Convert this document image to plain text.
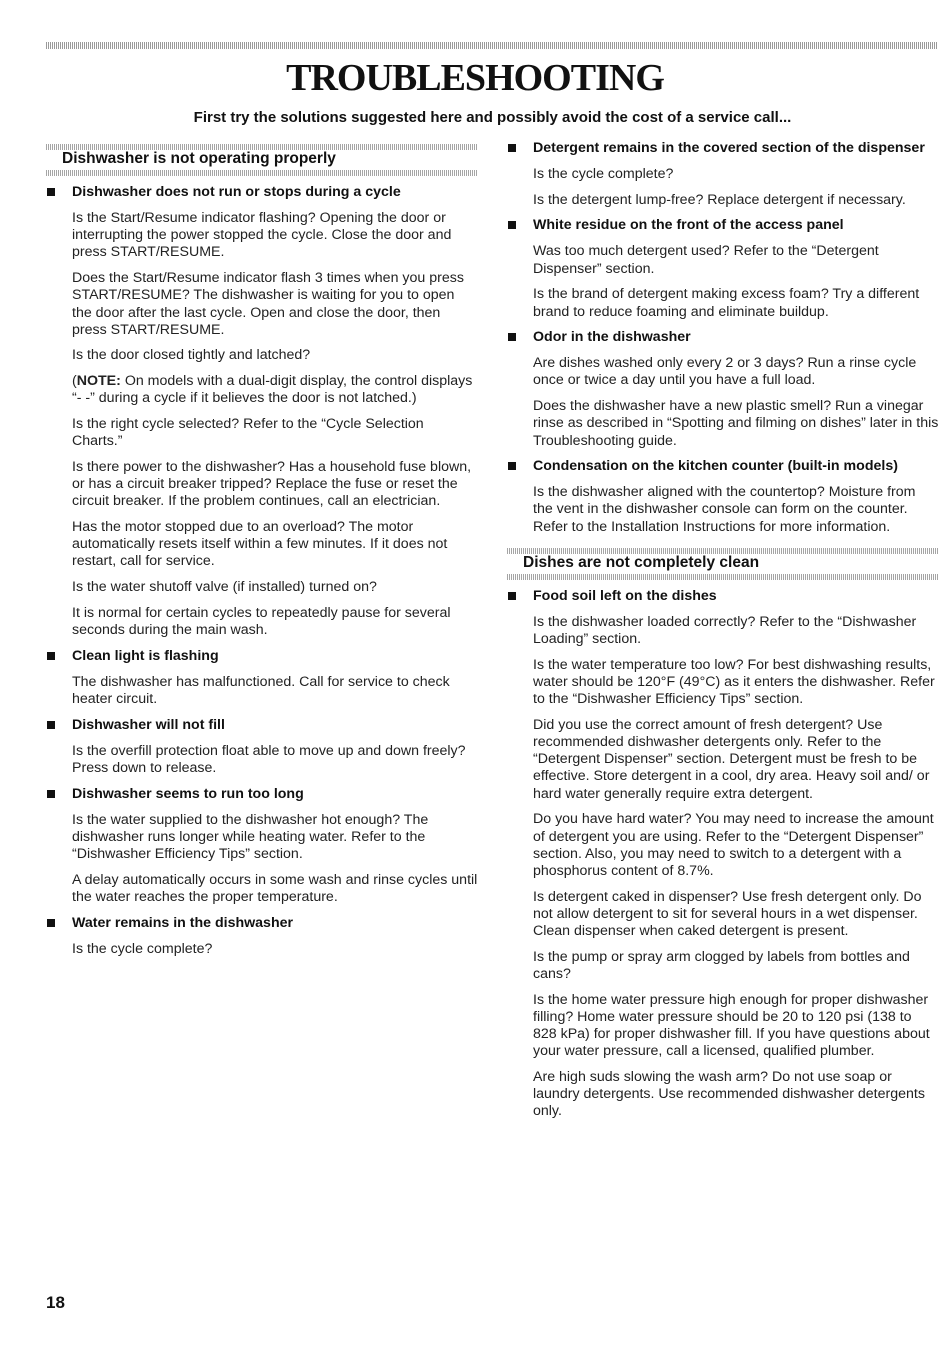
TROUBLESHOOTING

First try the solutions suggested here and possibly avoid the cost of a service call...

Dishwasher is not operating properly
Dishwasher does not run or stops during a cycle

Is the Start/Resume indicator flashing? Opening the door or interrupting the power stopped the cycle. Close the door and press START/RESUME.

Does the Start/Resume indicator flash 3 times when you press START/RESUME? The dishwasher is waiting for you to open the door after the last cycle. Open and close the door, then press START/RESUME.

Is the door closed tightly and latched?

(NOTE: On models with a dual-digit display, the control displays “- -” during a cycle if it believes the door is not latched.)

Is the right cycle selected? Refer to the “Cycle Selection Charts.”

Is there power to the dishwasher? Has a household fuse blown, or has a circuit breaker tripped? Replace the fuse or reset the circuit breaker. If the problem continues, call an electrician.

Has the motor stopped due to an overload? The motor automatically resets itself within a few minutes. If it does not restart, call for service.

Is the water shutoff valve (if installed) turned on?

It is normal for certain cycles to repeatedly pause for several seconds during the main wash.

Clean light is flashing

The dishwasher has malfunctioned. Call for service to check heater circuit.

Dishwasher will not fill

Is the overfill protection float able to move up and down freely? Press down to release.

Dishwasher seems to run too long

Is the water supplied to the dishwasher hot enough? The dishwasher runs longer while heating water. Refer to the “Dishwasher Efficiency Tips” section.

A delay automatically occurs in some wash and rinse cycles until the water reaches the proper temperature.

Water remains in the dishwasher

Is the cycle complete?

Detergent remains in the covered section of the dispenser

Is the cycle complete?

Is the detergent lump-free? Replace detergent if necessary.

White residue on the front of the access panel

Was too much detergent used? Refer to the “Detergent Dispenser” section.

Is the brand of detergent making excess foam? Try a different brand to reduce foaming and eliminate buildup.

Odor in the dishwasher

Are dishes washed only every 2 or 3 days? Run a rinse cycle once or twice a day until you have a full load.

Does the dishwasher have a new plastic smell? Run a vinegar rinse as described in “Spotting and filming on dishes” later in this Troubleshooting guide.

Condensation on the kitchen counter (built-in models)

Is the dishwasher aligned with the countertop? Moisture from the vent in the dishwasher console can form on the counter. Refer to the Installation Instructions for more information.

Dishes are not completely clean
Food soil left on the dishes

Is the dishwasher loaded correctly? Refer to the “Dishwasher Loading” section.

Is the water temperature too low? For best dishwashing results, water should be 120°F (49°C) as it enters the dishwasher. Refer to the “Dishwasher Efficiency Tips” section.

Did you use the correct amount of fresh detergent? Use recommended dishwasher detergents only. Refer to the “Detergent Dispenser” section. Detergent must be fresh to be effective. Store detergent in a cool, dry area. Heavy soil and/ or hard water generally require extra detergent.

Do you have hard water? You may need to increase the amount of detergent you are using. Refer to the “Detergent Dispenser” section. Also, you may need to switch to a detergent with a phosphorus content of 8.7%.

Is detergent caked in dispenser? Use fresh detergent only. Do not allow detergent to sit for several hours in a wet dispenser. Clean dispenser when caked detergent is present.

Is the pump or spray arm clogged by labels from bottles and cans?

Is the home water pressure high enough for proper dishwasher filling? Home water pressure should be 20 to 120 psi (138 to 828 kPa) for proper dishwasher fill. If you have questions about your water pressure, call a licensed, qualified plumber.

Are high suds slowing the wash arm? Do not use soap or laundry detergents. Use recommended dishwasher detergents only.

18
